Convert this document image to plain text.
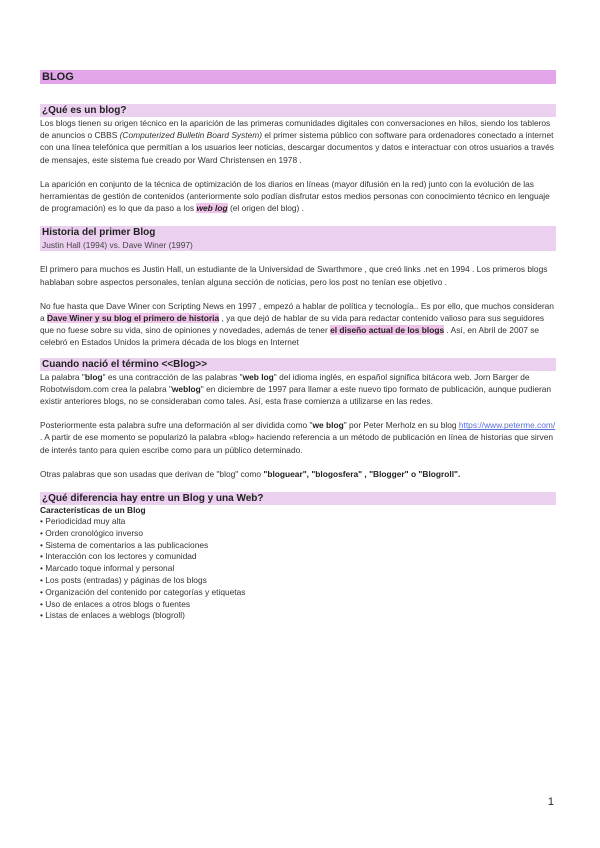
BLOG
¿Qué es un blog?

Los blogs tienen su origen técnico en la aparición de las primeras comunidades digitales con conversaciones en hilos, siendo los tableros de anuncios o CBBS (Computerized Bulletin Board System) el primer sistema público con software para ordenadores conectado a internet con una línea telefónica que permitían a los usuarios leer noticias, descargar documentos y datos e interactuar con otros usuarios a través de mensajes, este sistema fue creado por Ward Christensen en 1978 .

La aparición en conjunto de la técnica de optimización de los diarios en líneas (mayor difusión en la red) junto con la evolución de las herramientas de gestión de contenidos (anteriormente solo podían disfrutar estos medios personas con conocimiento técnico en lenguaje de programación) es lo que da paso a los web log (el origen del blog) .

Historia del primer Blog
Justin Hall (1994) vs. Dave Winer (1997)

El primero para muchos es Justin Hall, un estudiante de la Universidad de Swarthmore , que creó links .net en 1994 . Los primeros blogs hablaban sobre aspectos personales, tenían alguna sección de noticias, pero los post no tenían ese objetivo .

No fue hasta que Dave Winer con Scripting News en 1997 , empezó a hablar de política y tecnología.. Es por ello, que muchos consideran a Dave Winer y su blog el primero de historia , ya que dejó de hablar de su vida para redactar contenido valioso para sus seguidores que no fuese sobre su vida, sino de opiniones y novedades, además de tener el diseño actual de los blogs . Así, en Abril de 2007 se celebró en Estados Unidos la primera década de los blogs en Internet

Cuando nació el término <<Blog>>

La palabra "blog" es una contracción de las palabras "web log" del idioma inglés, en español significa bitácora web. Jorn Barger de Robotwisdom.com crea la palabra "weblog" en diciembre de 1997 para llamar a este nuevo tipo formato de publicación, aunque pudieran existir anteriores blogs, no se consideraban como tales. Así, esta frase comienza a utilizarse en las redes.

Posteriormente esta palabra sufre una deformación al ser dividida como "we blog" por Peter Merholz en su blog https://www.peterme.com/ . A partir de ese momento se popularizó la palabra «blog» haciendo referencia a un método de publicación en línea de historias que sirven de interés tanto para quien escribe como para un público determinado.

Otras palabras que son usadas que derivan de "blog" como "bloguear", "blogosfera" , "Blogger" o "Blogroll".

¿Qué diferencia hay entre un Blog y una Web?
Características de un Blog
• Periodicidad muy alta
• Orden cronológico inverso
• Sistema de comentarios a las publicaciones
• Interacción con los lectores y comunidad
• Marcado toque informal y personal
• Los posts (entradas) y páginas de los blogs
• Organización del contenido por categorías y etiquetas
• Uso de enlaces a otros blogs o fuentes
• Listas de enlaces a weblogs (blogroll)
1
